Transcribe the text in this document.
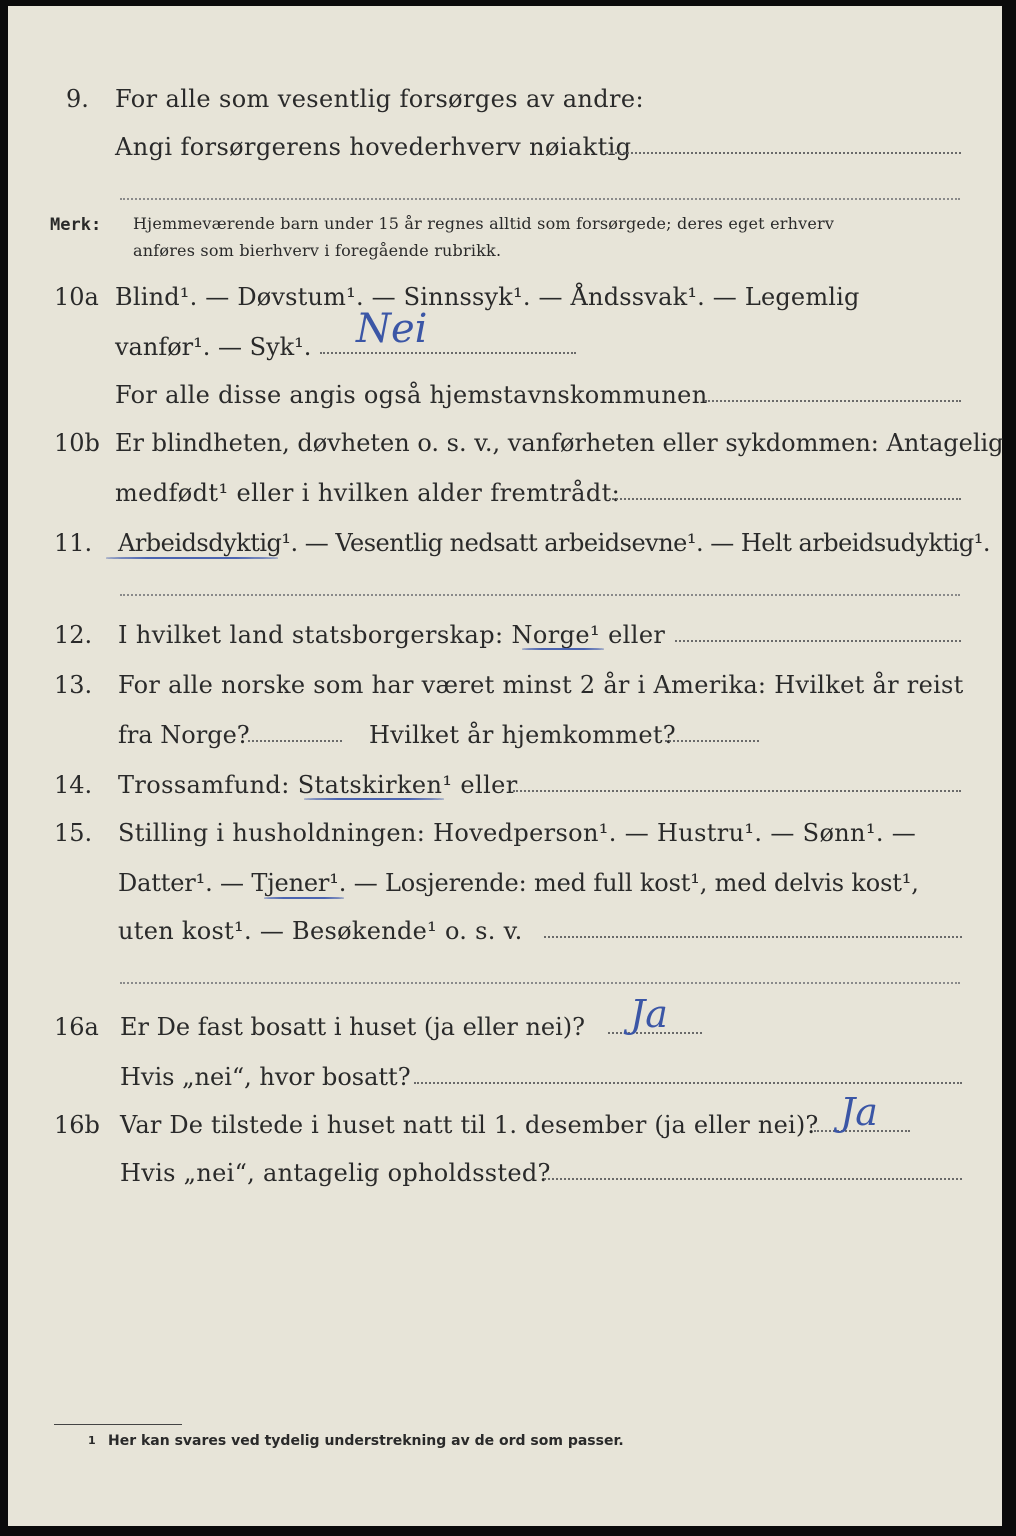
9. For alle som vesentlig forsørges av andre:
Angi forsørgerens hovederhverv nøiaktig
Merk: Hjemmeværende barn under 15 år regnes alltid som forsørgede; deres eget erhverv
anføres som bierhverv i foregående rubrikk.
10a Blind¹. — Døvstum¹. — Sinnssyk¹. — Åndssvak¹. — Legemlig
vanfør¹. — Syk¹. Nei
For alle disse angis også hjemstavnskommunen
10b Er blindheten, døvheten o. s. v., vanførheten eller sykdommen: Antagelig
medfødt¹ eller i hvilken alder fremtrådt:
11. Arbeidsdyktig¹. — Vesentlig nedsatt arbeidsevne¹. — Helt arbeidsudyktig¹.
12. I hvilket land statsborgerskap: Norge¹ eller
13. For alle norske som har været minst 2 år i Amerika: Hvilket år reist
fra Norge?	Hvilket år hjemkommet?
14. Trossamfund: Statskirken¹ eller
15. Stilling i husholdningen: Hovedperson¹. — Hustru¹. — Sønn¹. —
Datter¹. — Tjener¹. — Losjerende: med full kost¹, med delvis kost¹,
uten kost¹. — Besøkende¹ o. s. v.
16a Er De fast bosatt i huset (ja eller nei)? Ja
Hvis „nei“, hvor bosatt?
16b Var De tilstede i huset natt til 1. desember (ja eller nei)? Ja
Hvis „nei“, antagelig opholdssted?
1 Her kan svares ved tydelig understrekning av de ord som passer.
